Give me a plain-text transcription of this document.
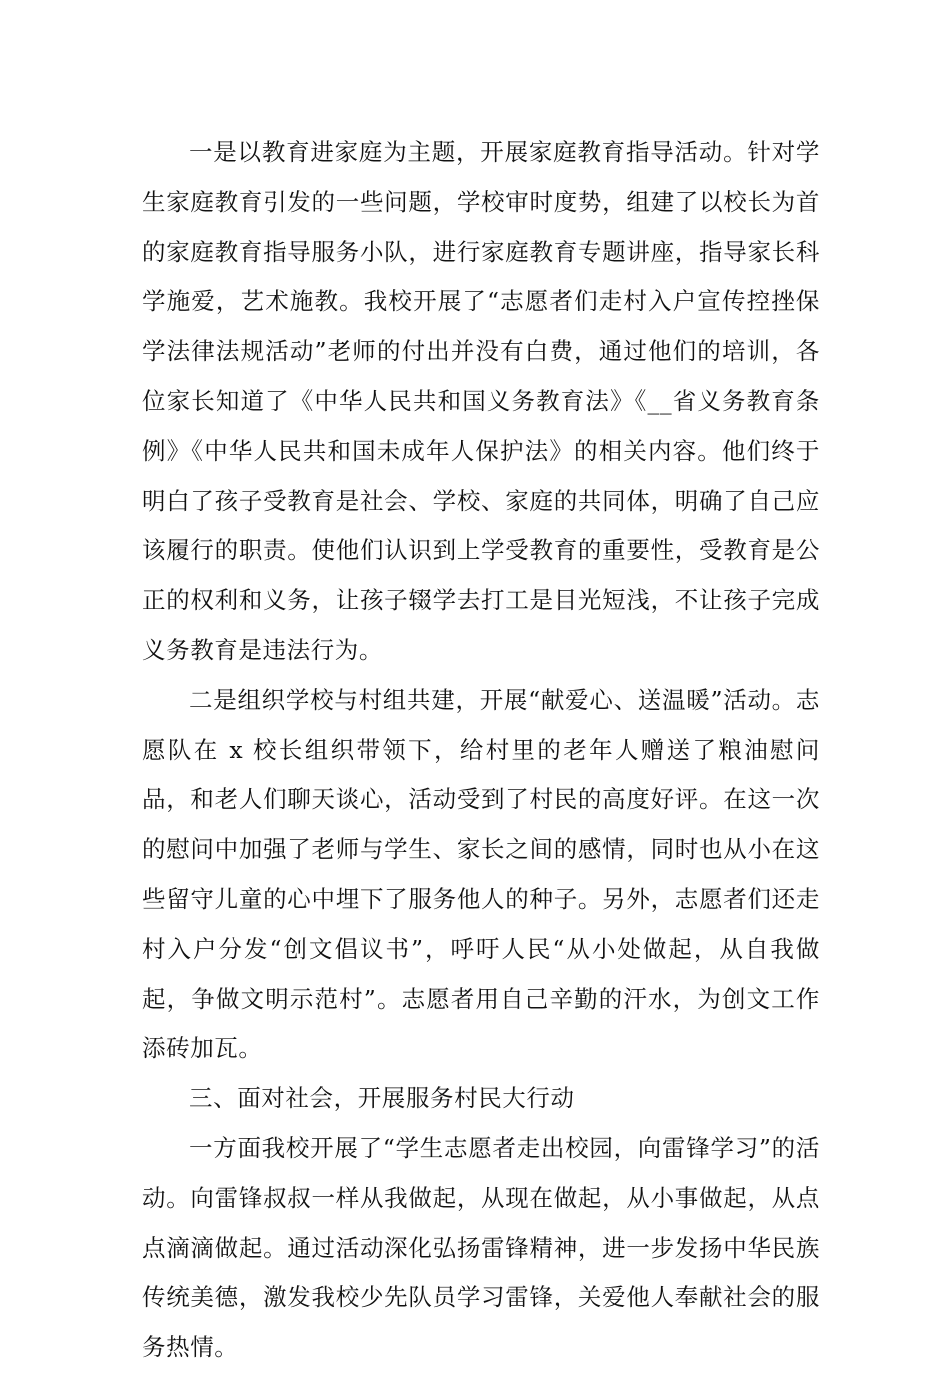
一是以教育进家庭为主题，开展家庭教育指导活动。针对学生家庭教育引发的一些问题，学校审时度势，组建了以校长为首的家庭教育指导服务小队，进行家庭教育专题讲座，指导家长科学施爱，艺术施教。我校开展了“志愿者们走村入户宣传控挫保学法律法规活动”老师的付出并没有白费，通过他们的培训，各位家长知道了《中华人民共和国义务教育法》《__省义务教育条例》《中华人民共和国未成年人保护法》的相关内容。他们终于明白了孩子受教育是社会、学校、家庭的共同体，明确了自己应该履行的职责。使他们认识到上学受教育的重要性，受教育是公正的权利和义务，让孩子辍学去打工是目光短浅，不让孩子完成义务教育是违法行为。

二是组织学校与村组共建，开展“献爱心、送温暖”活动。志愿队在 x 校长组织带领下，给村里的老年人赠送了粮油慰问品，和老人们聊天谈心，活动受到了村民的高度好评。在这一次的慰问中加强了老师与学生、家长之间的感情，同时也从小在这些留守儿童的心中埋下了服务他人的种子。另外，志愿者们还走村入户分发“创文倡议书”，呼吁人民“从小处做起，从自我做起，争做文明示范村”。志愿者用自己辛勤的汗水，为创文工作添砖加瓦。

三、面对社会，开展服务村民大行动

一方面我校开展了“学生志愿者走出校园，向雷锋学习”的活动。向雷锋叔叔一样从我做起，从现在做起，从小事做起，从点点滴滴做起。通过活动深化弘扬雷锋精神，进一步发扬中华民族传统美德，激发我校少先队员学习雷锋，关爱他人奉献社会的服务热情。
